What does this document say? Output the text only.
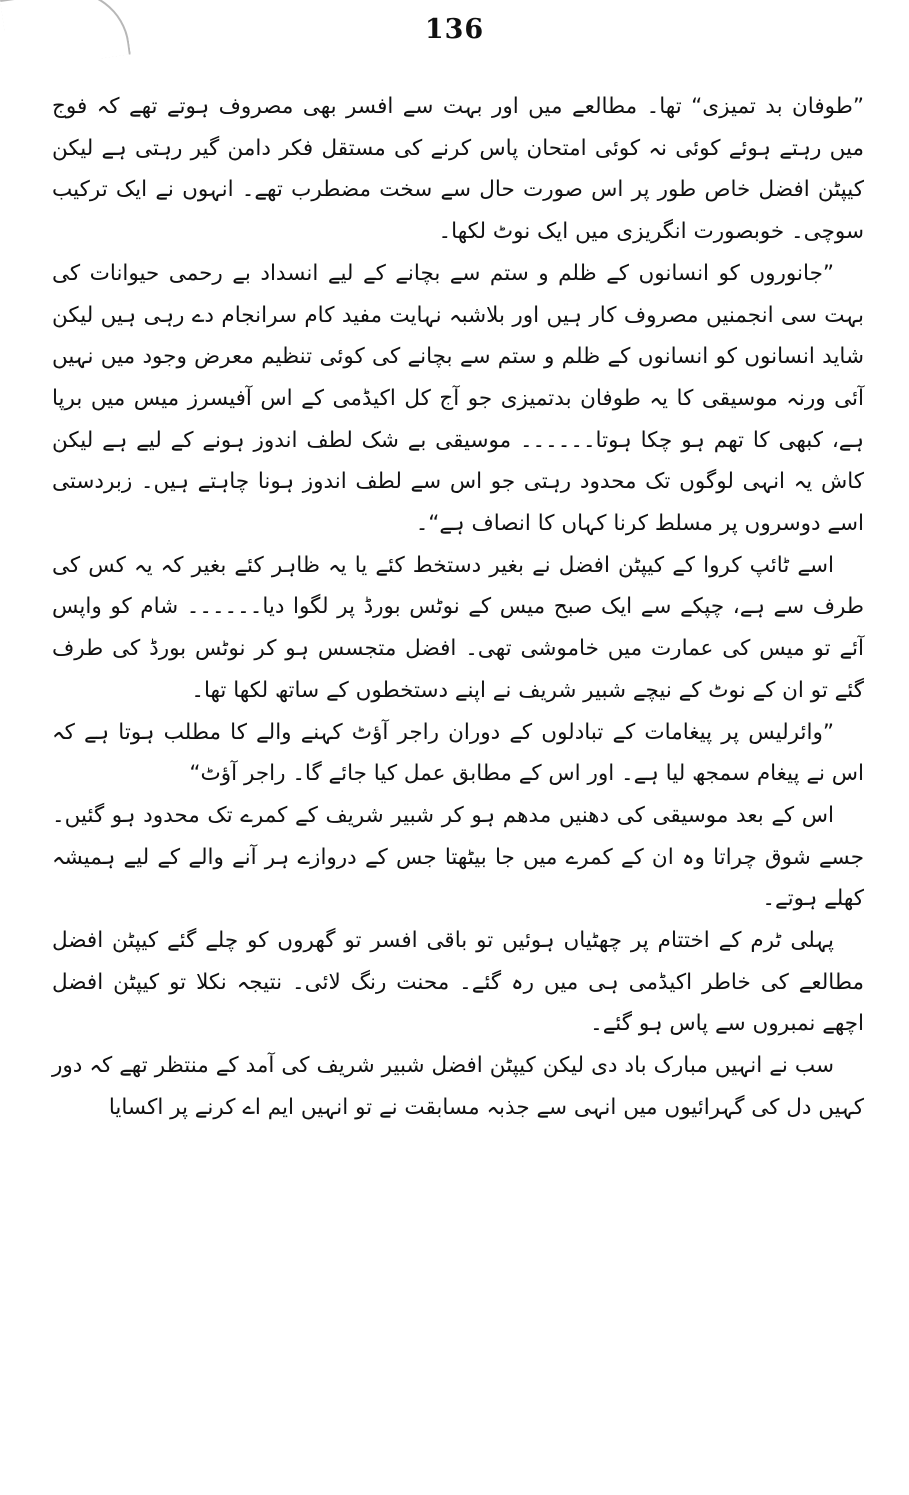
136

”طوفان بد تمیزی“ تھا۔ مطالعے میں اور بہت سے افسر بھی مصروف ہوتے تھے کہ فوج میں رہتے ہوئے کوئی نہ کوئی امتحان پاس کرنے کی مستقل فکر دامن گیر رہتی ہے لیکن کیپٹن افضل خاص طور پر اس صورت حال سے سخت مضطرب تھے۔ انہوں نے ایک ترکیب سوچی۔ خوبصورت انگریزی میں ایک نوٹ لکھا۔

”جانوروں کو انسانوں کے ظلم و ستم سے بچانے کے لیے انسداد بے رحمی حیوانات کی بہت سی انجمنیں مصروف کار ہیں اور بلاشبہ نہایت مفید کام سرانجام دے رہی ہیں لیکن شاید انسانوں کو انسانوں کے ظلم و ستم سے بچانے کی کوئی تنظیم معرض وجود میں نہیں آئی ورنہ موسیقی کا یہ طوفان بدتمیزی جو آج کل اکیڈمی کے اس آفیسرز میس میں برپا ہے، کبھی کا تھم ہو چکا ہوتا۔۔۔۔۔۔ موسیقی بے شک لطف اندوز ہونے کے لیے ہے لیکن کاش یہ انہی لوگوں تک محدود رہتی جو اس سے لطف اندوز ہونا چاہتے ہیں۔ زبردستی اسے دوسروں پر مسلط کرنا کہاں کا انصاف ہے“۔

اسے ٹائپ کروا کے کیپٹن افضل نے بغیر دستخط کئے یا یہ ظاہر کئے بغیر کہ یہ کس کی طرف سے ہے، چپکے سے ایک صبح میس کے نوٹس بورڈ پر لگوا دیا۔۔۔۔۔۔ شام کو واپس آئے تو میس کی عمارت میں خاموشی تھی۔ افضل متجسس ہو کر نوٹس بورڈ کی طرف گئے تو ان کے نوٹ کے نیچے شبیر شریف نے اپنے دستخطوں کے ساتھ لکھا تھا۔

”وائرلیس پر پیغامات کے تبادلوں کے دوران راجر آؤٹ کہنے والے کا مطلب ہوتا ہے کہ اس نے پیغام سمجھ لیا ہے۔ اور اس کے مطابق عمل کیا جائے گا۔ راجر آؤٹ“

اس کے بعد موسیقی کی دھنیں مدھم ہو کر شبیر شریف کے کمرے تک محدود ہو گئیں۔ جسے شوق چراتا وہ ان کے کمرے میں جا بیٹھتا جس کے دروازے ہر آنے والے کے لیے ہمیشہ کھلے ہوتے۔

پہلی ٹرم کے اختتام پر چھٹیاں ہوئیں تو باقی افسر تو گھروں کو چلے گئے کیپٹن افضل مطالعے کی خاطر اکیڈمی ہی میں رہ گئے۔ محنت رنگ لائی۔ نتیجہ نکلا تو کیپٹن افضل اچھے نمبروں سے پاس ہو گئے۔

سب نے انہیں مبارک باد دی لیکن کیپٹن افضل شبیر شریف کی آمد کے منتظر تھے کہ دور کہیں دل کی گہرائیوں میں انہی سے جذبہ مسابقت نے تو انہیں ایم اے کرنے پر اکسایا
